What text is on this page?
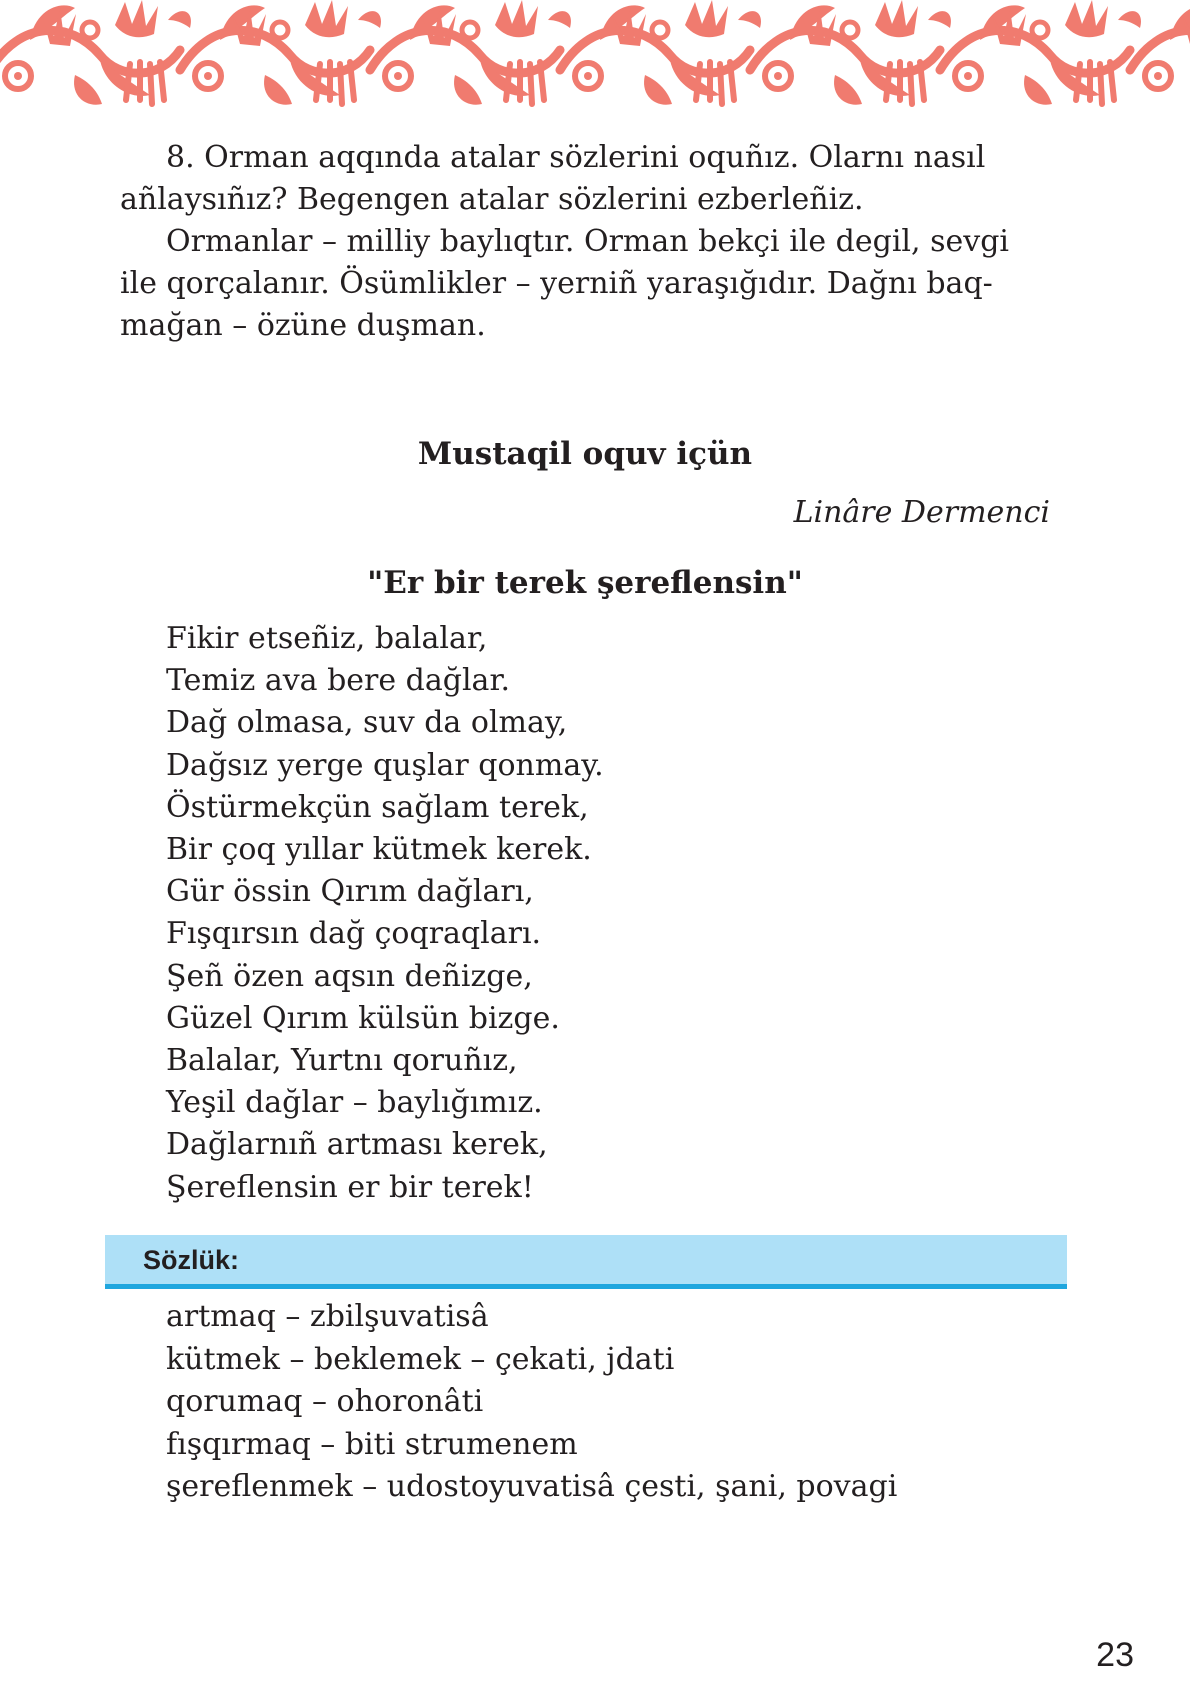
8. Orman aqqında atalar sözlerini oquñız. Olarnı nasıl
añlaysıñız? Begengen atalar sözlerini ezberleñiz.
Ormanlar – milliy baylıqtır. Orman bekçi ile degil, sevgi
ile qorçalanır. Ösümlikler – yerniñ yaraşığıdır. Dağnı baq-
mağan – özüne duşman.
Mustaqil oquv içün
Linâre Dermenci
"Er bir terek şereflensin"
Fikir etseñiz, balalar,
Temiz ava bere dağlar.
Dağ olmasa, suv da olmay,
Dağsız yerge quşlar qonmay.
Östürmekçün sağlam terek,
Bir çoq yıllar kütmek kerek.
Gür össin Qırım dağları,
Fışqırsın dağ çoqraqları.
Şeñ özen aqsın deñizge,
Güzel Qırım külsün bizge.
Balalar, Yurtnı qoruñız,
Yeşil dağlar – baylığımız.
Dağlarnıñ artması kerek,
Şereflensin er bir terek!
Sözlük:
artmaq – zbilşuvatisâ
kütmek – beklemek – çekati, jdati
qorumaq – ohoronâti
fışqırmaq – biti strumenem
şereflenmek – udostoyuvatisâ çesti, şani, povagi
23
